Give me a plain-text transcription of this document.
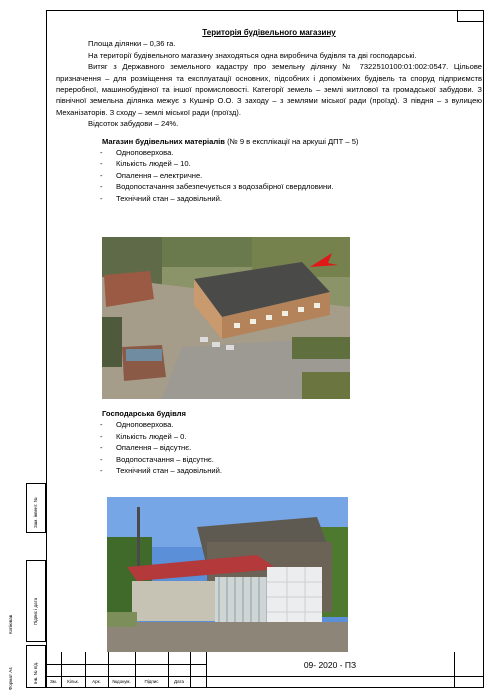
Територія будівельного магазину

Площа ділянки – 0,36 га.

На території будівельного магазину знаходяться одна виробнича будівля та дві господарські.

Витяг з Державного земельного кадастру про земельну ділянку № 7322510100:01:002:0547. Цільове призначення – для розміщення та експлуатації основних, підсобних і допоміжних будівель та споруд підприємств переробної, машинобудівної та іншої промисловості. Категорії земель – землі житлової та громадської забудови. З північної земельна ділянка межує з Кушнір О.О. З заходу – з землями міської ради (проїзд). З півдня – з вулицею Механізаторів. З сходу – землі міської ради (проїзд).

Відсоток забудови – 24%.

Магазин будівельних матеріалів (№ 9 в експлікації на аркуші ДПТ – 5)

- Одноповерхова.
- Кількість людей – 10.
- Опалення – електричне.
- Водопостачання забезпечується з водозабірної свердловини.
- Технічний стан – задовільний.

Господарська будівля

- Одноповерхова.
- Кількість людей – 0.
- Опалення – відсутнє.
- Водопостачання – відсутнє.
- Технічний стан – задовільний.
Зам. інвент. №
Підпис і дата
Інв. № п/д.
Копіював
Формат А4	Зм.	Кільк.	Арк.	№докум.	Підпис	Дата
09- 2020 - ПЗ
